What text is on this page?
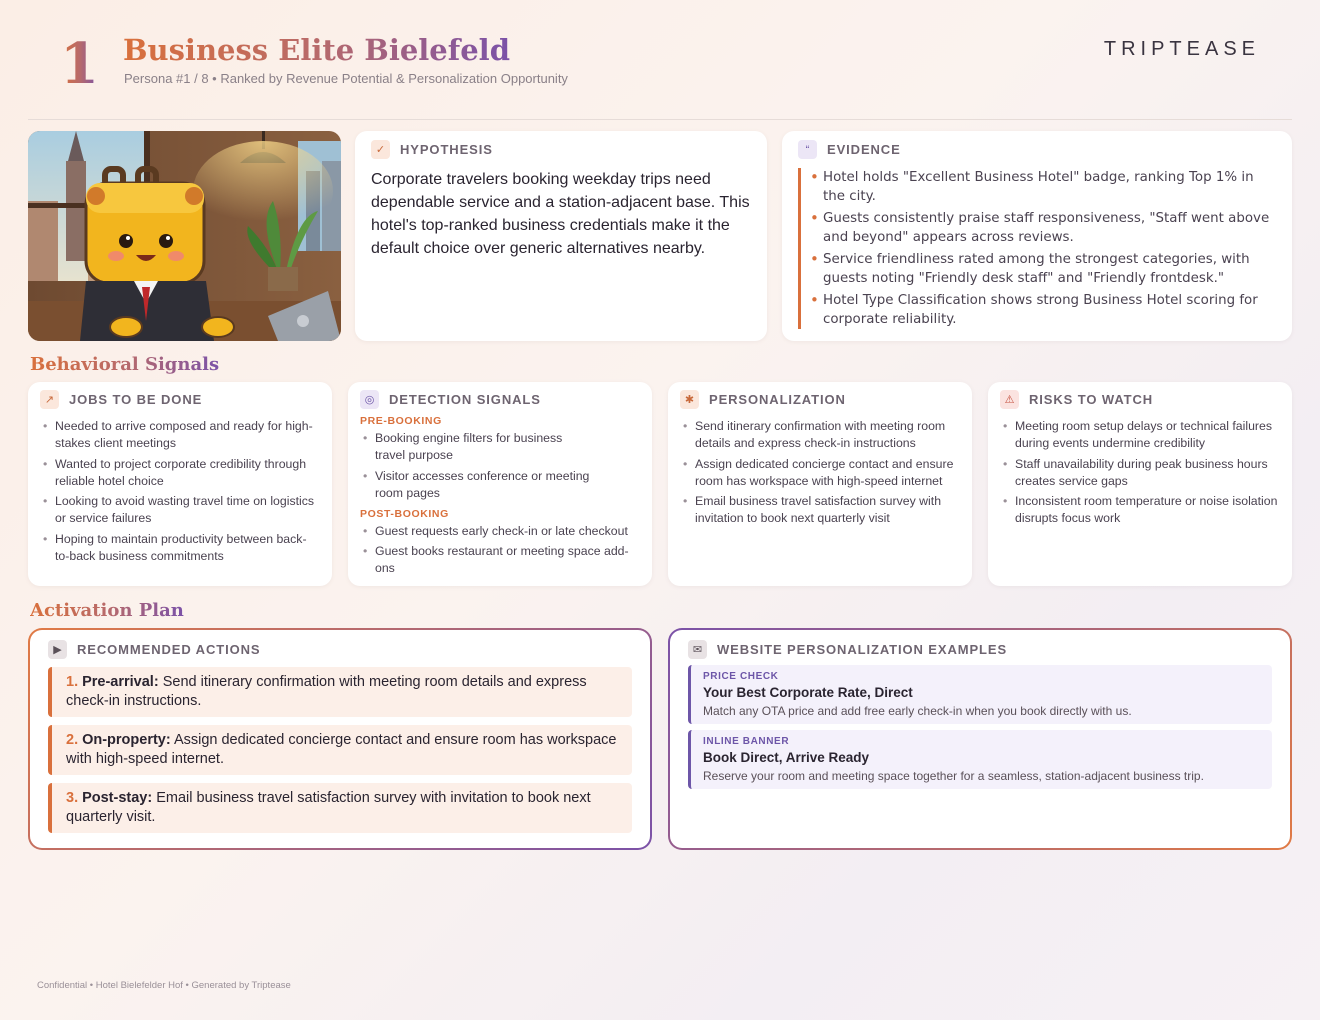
1 Business Elite Bielefeld
Persona #1 / 8 • Ranked by Revenue Potential & Personalization Opportunity
TRIPTEASE
✓	HYPOTHESIS
Corporate travelers booking weekday trips need dependable service and a station-adjacent base. This hotel's top-ranked business credentials make it the default choice over generic alternatives nearby.
“	EVIDENCE
• Hotel holds "Excellent Business Hotel" badge, ranking Top 1% in the city.
• Guests consistently praise staff responsiveness, "Staff went above and beyond" appears across reviews.
• Service friendliness rated among the strongest categories, with guests noting "Friendly desk staff" and "Friendly frontdesk."
• Hotel Type Classification shows strong Business Hotel scoring for corporate reliability.
Behavioral Signals
↗	JOBS TO BE DONE
• Needed to arrive composed and ready for high-stakes client meetings
• Wanted to project corporate credibility through reliable hotel choice
• Looking to avoid wasting travel time on logistics or service failures
• Hoping to maintain productivity between back-to-back business commitments
◎	DETECTION SIGNALS
PRE-BOOKING
• Booking engine filters for business travel purpose
• Visitor accesses conference or meeting room pages
POST-BOOKING
• Guest requests early check-in or late checkout
• Guest books restaurant or meeting space add-ons
✱	PERSONALIZATION
• Send itinerary confirmation with meeting room details and express check-in instructions
• Assign dedicated concierge contact and ensure room has workspace with high-speed internet
• Email business travel satisfaction survey with invitation to book next quarterly visit
⚠	RISKS TO WATCH
• Meeting room setup delays or technical failures during events undermine credibility
• Staff unavailability during peak business hours creates service gaps
• Inconsistent room temperature or noise isolation disrupts focus work
Activation Plan
▶	RECOMMENDED ACTIONS
1. Pre-arrival: Send itinerary confirmation with meeting room details and express check-in instructions.
2. On-property: Assign dedicated concierge contact and ensure room has workspace with high-speed internet.
3. Post-stay: Email business travel satisfaction survey with invitation to book next quarterly visit.
✉	WEBSITE PERSONALIZATION EXAMPLES
PRICE CHECK
Your Best Corporate Rate, Direct
Match any OTA price and add free early check-in when you book directly with us.
INLINE BANNER
Book Direct, Arrive Ready
Reserve your room and meeting space together for a seamless, station-adjacent business trip.
Confidential • Hotel Bielefelder Hof • Generated by Triptease
